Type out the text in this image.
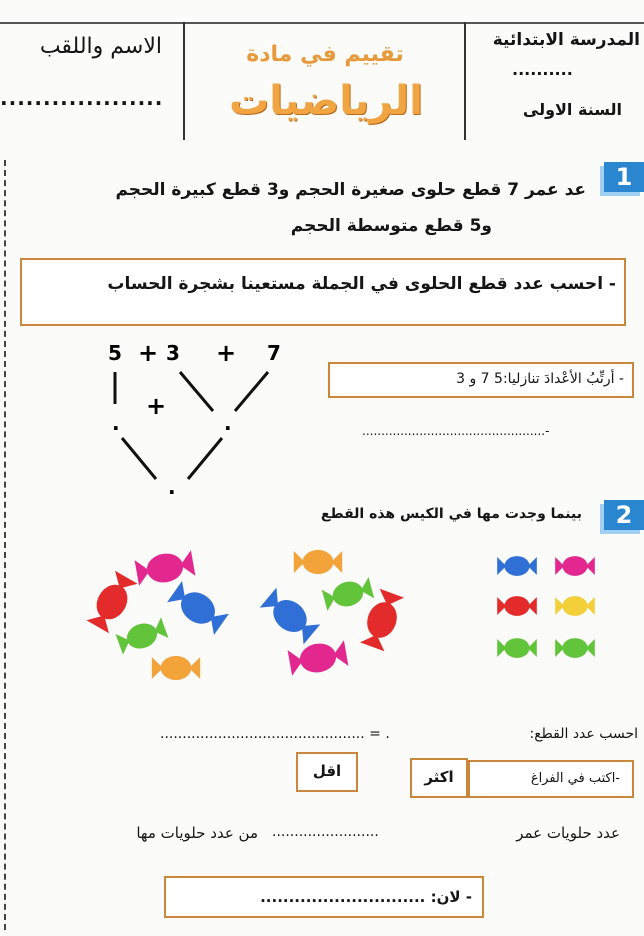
المدرسة الابتدائية
..........
السنة الاولى
تقييم في مادة
الرياضيات
الاسم واللقب
...................
1
عد عمر 7 قطع حلوى صغيرة الحجم و3 قطع كبيرة الحجم
و5 قطع متوسطة الحجم
- احسب عدد قطع الحلوى في الجملة مستعينا بشجرة الحساب
5 + 3 + 7
+
.	.
.
- أرتِّبُ الأعْدادَ تنازليا:5 7 و 3
................................................-
2
بينما وجدت مها في الكيس هذه القطع
احسب عدد القطع:
.............................................. = .
-اكتب في الفراغ
اكثر
اقل
عدد حلويات عمر
........................
من عدد حلويات مها
- لان: .............................
